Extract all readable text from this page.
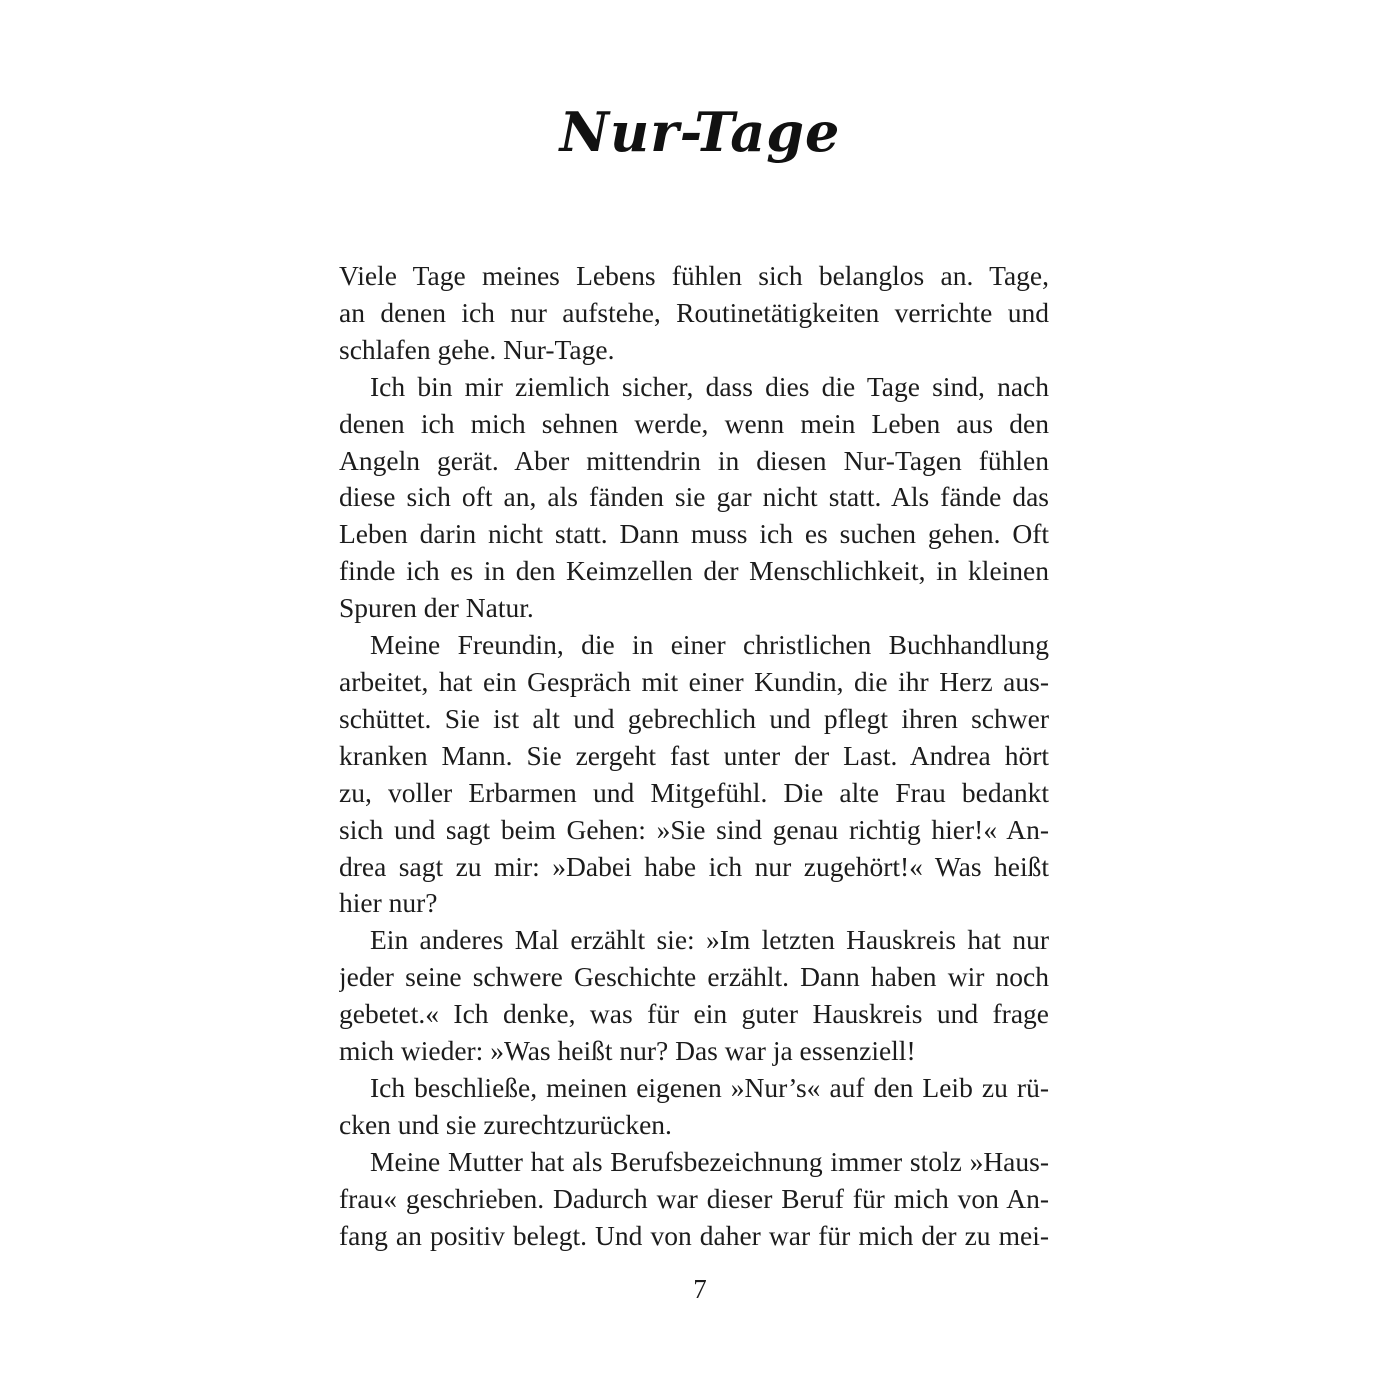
Nur-Tage

Viele Tage meines Lebens fühlen sich belanglos an. Tage,
an denen ich nur aufstehe, Routinetätigkeiten verrichte und
schlafen gehe. Nur-Tage.

Ich bin mir ziemlich sicher, dass dies die Tage sind, nach
denen ich mich sehnen werde, wenn mein Leben aus den
Angeln gerät. Aber mittendrin in diesen Nur-Tagen fühlen
diese sich oft an, als fänden sie gar nicht statt. Als fände das
Leben darin nicht statt. Dann muss ich es suchen gehen. Oft
finde ich es in den Keimzellen der Menschlichkeit, in kleinen
Spuren der Natur.

Meine Freundin, die in einer christlichen Buchhandlung
arbeitet, hat ein Gespräch mit einer Kundin, die ihr Herz aus-
schüttet. Sie ist alt und gebrechlich und pflegt ihren schwer
kranken Mann. Sie zergeht fast unter der Last. Andrea hört
zu, voller Erbarmen und Mitgefühl. Die alte Frau bedankt
sich und sagt beim Gehen: »Sie sind genau richtig hier!« An-
drea sagt zu mir: »Dabei habe ich nur zugehört!« Was heißt
hier nur?

Ein anderes Mal erzählt sie: »Im letzten Hauskreis hat nur
jeder seine schwere Geschichte erzählt. Dann haben wir noch
gebetet.« Ich denke, was für ein guter Hauskreis und frage
mich wieder: »Was heißt nur? Das war ja essenziell!

Ich beschließe, meinen eigenen »Nur’s« auf den Leib zu rü-
cken und sie zurechtzurücken.

Meine Mutter hat als Berufsbezeichnung immer stolz »Haus-
frau« geschrieben. Dadurch war dieser Beruf für mich von An-
fang an positiv belegt. Und von daher war für mich der zu mei-

7
